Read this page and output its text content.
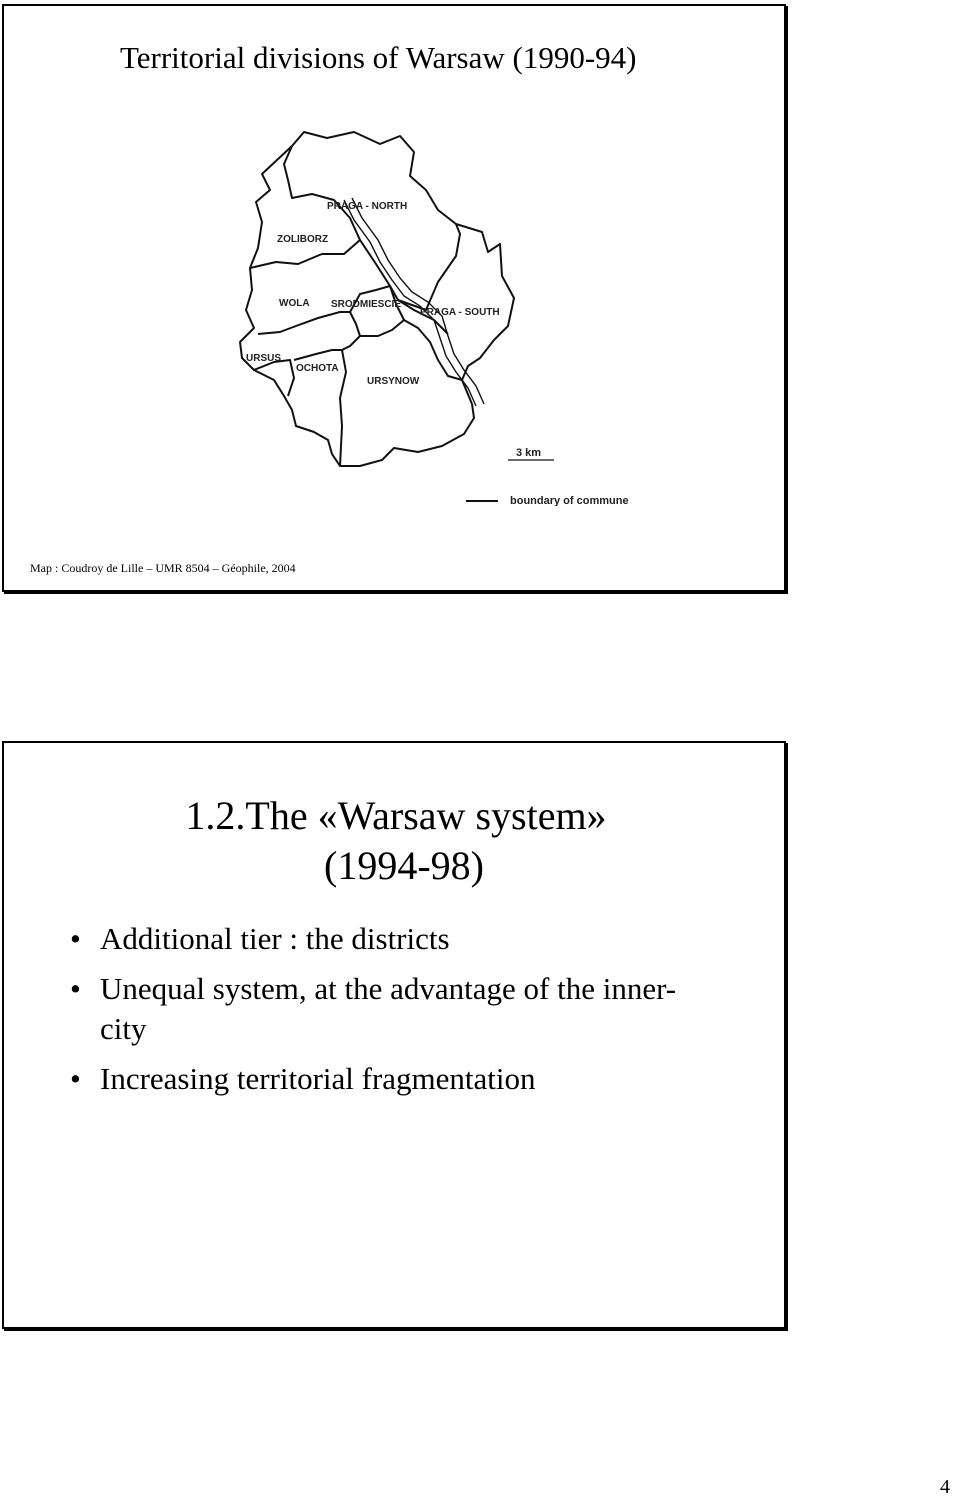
Territorial divisions of Warsaw (1990-94)
PRAGA - NORTH
ZOLIBORZ
WOLA SRODMIESCIE
PRAGA - SOUTH
URSUS
OCHOTA
URSYNOW
3 km
boundary of commune
Map : Coudroy de Lille – UMR 8504 – Géophile, 2004
1.2.The «Warsaw system»
(1994-98)
• Additional tier : the districts
• Unequal system, at the advantage of the inner-city
• Increasing territorial fragmentation
4
